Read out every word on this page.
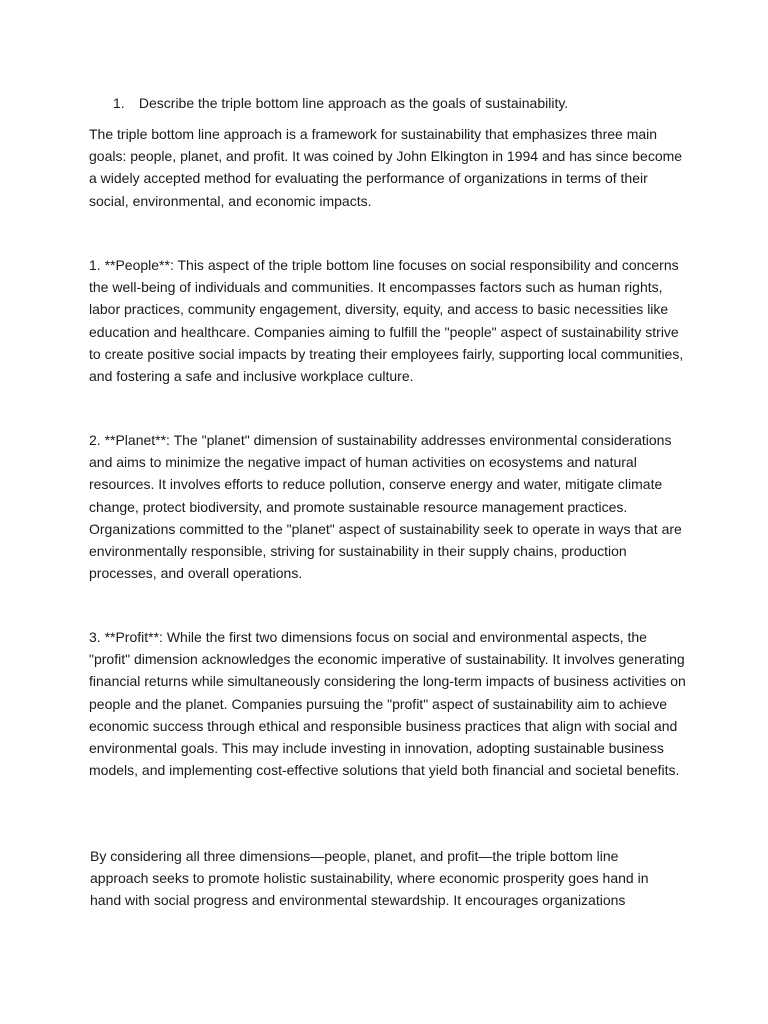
1. Describe the triple bottom line approach as the goals of sustainability.

The triple bottom line approach is a framework for sustainability that emphasizes three main goals: people, planet, and profit. It was coined by John Elkington in 1994 and has since become a widely accepted method for evaluating the performance of organizations in terms of their social, environmental, and economic impacts.

1. **People**: This aspect of the triple bottom line focuses on social responsibility and concerns the well-being of individuals and communities. It encompasses factors such as human rights, labor practices, community engagement, diversity, equity, and access to basic necessities like education and healthcare. Companies aiming to fulfill the "people" aspect of sustainability strive to create positive social impacts by treating their employees fairly, supporting local communities, and fostering a safe and inclusive workplace culture.

2. **Planet**: The "planet" dimension of sustainability addresses environmental considerations and aims to minimize the negative impact of human activities on ecosystems and natural resources. It involves efforts to reduce pollution, conserve energy and water, mitigate climate change, protect biodiversity, and promote sustainable resource management practices. Organizations committed to the "planet" aspect of sustainability seek to operate in ways that are environmentally responsible, striving for sustainability in their supply chains, production processes, and overall operations.

3. **Profit**: While the first two dimensions focus on social and environmental aspects, the "profit" dimension acknowledges the economic imperative of sustainability. It involves generating financial returns while simultaneously considering the long-term impacts of business activities on people and the planet. Companies pursuing the "profit" aspect of sustainability aim to achieve economic success through ethical and responsible business practices that align with social and environmental goals. This may include investing in innovation, adopting sustainable business models, and implementing cost-effective solutions that yield both financial and societal benefits.

By considering all three dimensions—people, planet, and profit—the triple bottom line approach seeks to promote holistic sustainability, where economic prosperity goes hand in hand with social progress and environmental stewardship. It encourages organizations
